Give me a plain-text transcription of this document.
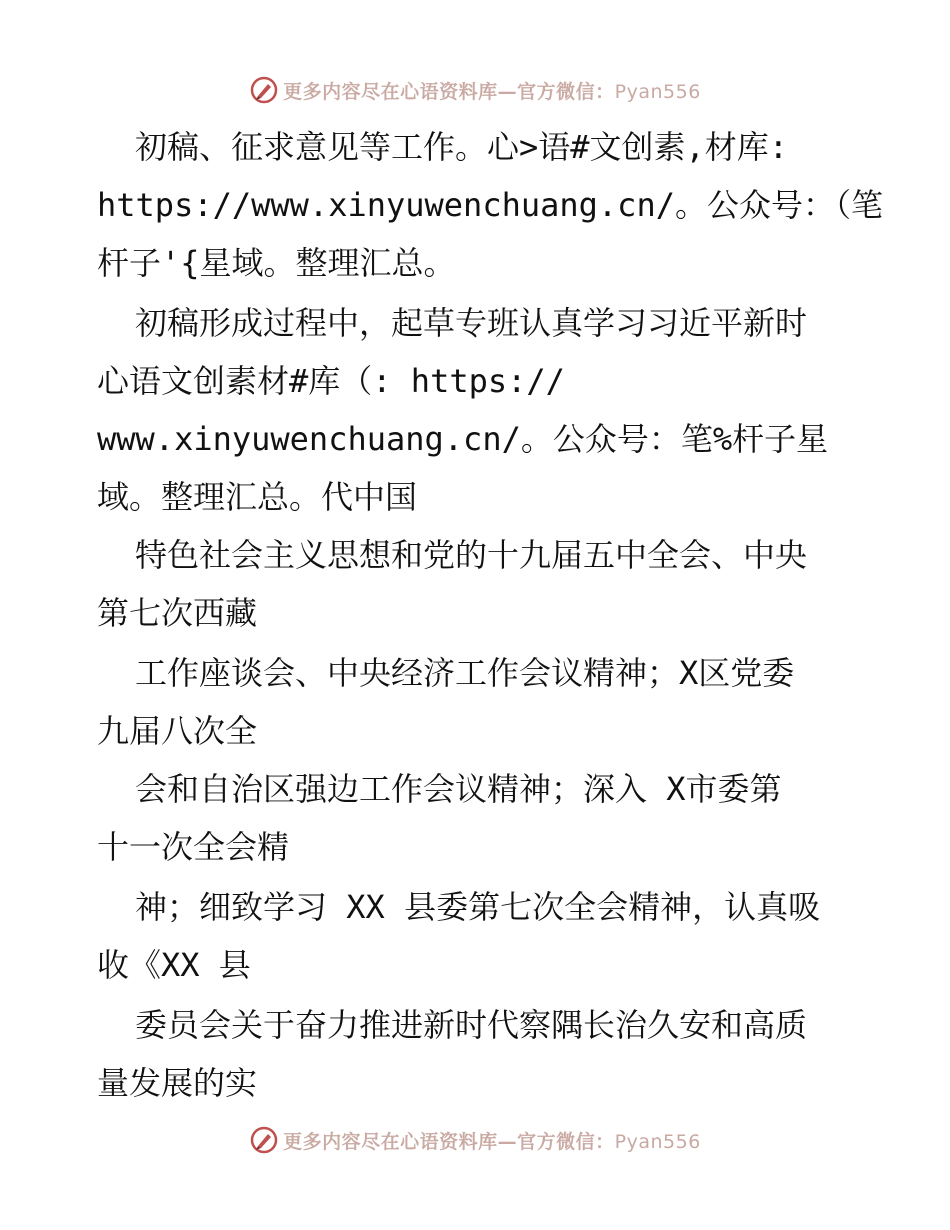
更多内容尽在心语资料库—官方微信：Pyan556
初稿、征求意见等工作。心>语#文创素,材库:
https://www.xinyuwenchuang.cn/。公众号：（笔
杆子'{星域。整理汇总。
初稿形成过程中，起草专班认真学习习近平新时
心语文创素材#库（: https://
www.xinyuwenchuang.cn/。公众号：笔%杆子星
域。整理汇总。代中国
特色社会主义思想和党的十九届五中全会、中央
第七次西藏
工作座谈会、中央经济工作会议精神；X区党委
九届八次全
会和自治区强边工作会议精神；深入 X市委第
十一次全会精
神；细致学习 XX 县委第七次全会精神，认真吸
收《XX 县
委员会关于奋力推进新时代察隅长治久安和高质
量发展的实
更多内容尽在心语资料库—官方微信：Pyan556
